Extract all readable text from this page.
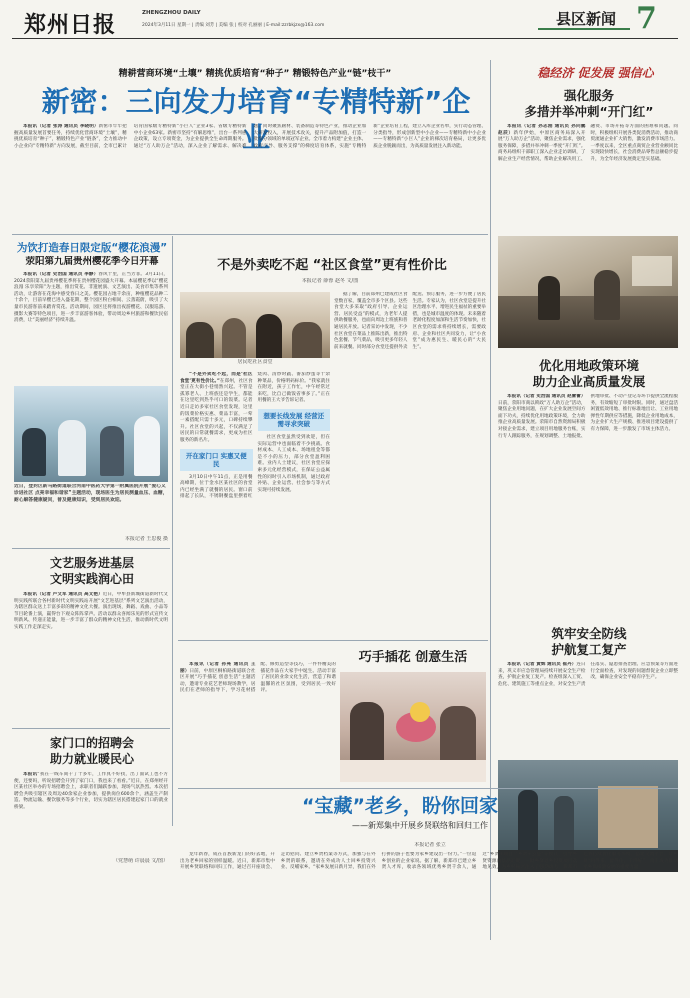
郑州日报	ZHENGZHOU DAILY
2024年3月11日 星期一 | 责编 刘芳 | 美编 张 | 校对 孔丽丽 | E-mail:zzrbkjzx@163.com	县区新闻 7
精耕营商环境“土壤” 精挑优质培育“种子” 精锻特色产业“链”枝干”	稳经济 促发展 强信心
新密：三向发力培育“专精特新”企业

本报讯（记者 张涛 通讯员 李晓明）新密市牢牢把握高质量发展首要任务，持续优化营商环境“土壤”，精挑优质培育“种子”，精锻特色产业“链条”，全力推动中小企业向“专精特新”方向发展，截至目前，全市已累计培育国家级专精特新“小巨人”企业3家、省级专精特新中小企业63家。新密市坚持“有解思维”，出台一系列惠企政策，设立专项资金，为企业提供全生命周期服务。通过“万人助万企”活动，深入企业了解需求、解决难题。同时聚焦耐材、装备制造等特色产业，推动企业加大研发投入，开展技术攻关，提升产品附加值，打造一批细分领域的单项冠军企业。全市着力构建“企业主体、政府引导、服务支撑”的梯度培育体系，实施“专精特新”企业培育工程，建立入库企业名单，实行动态管理、分类指导，形成创新型中小企业——专精特新中小企业——专精特新“小巨人”企业的梯次培育格局，让更多优质企业脱颖而出，为高质量发展注入新动能。

强化服务
多措并举冲刺“开门红”

本报讯（记者 孙志刚 通讯员 孙向鹏 赵辰）新年伊始，中原区商务局深入开展“万人助万企”活动，聚焦企业需求，强化服务保障，多措并举冲刺一季度“开门红”。商务局组织干部职工深入企业走访调研，了解企业生产经营情况，帮助企业解决用工、融资、市场开拓等方面的困难和问题。同时，积极组织开展各类促消费活动，推动商贸流通企业扩大销售，激发消费市场活力。一季度以来，全区重点商贸企业营业额同比实现较快增长，社会消费品零售总额稳步提升，为全年经济发展奠定坚实基础。

优化用地政策环境
助力企业高质量发展

本报讯（记者 史治国 通讯员 赵蕾蕾）日前，荥阳市商以锁政“万人助万企”活动，聚焦企业用地问题，在扩大企业发展空间方面下功夫，持续优化用地政策环境，全力助推企业高质量发展。荥阳市自然资源局积极对接企业需求，建立项目用地服务台账，实行专人跟踪服务，在规划调整、土地报批、供地审批、不动产登记等环节提供全流程服务，有效缩短了审批时限。同时，通过盘活闲置低效用地、推行标准地出让、工业用地弹性年期供应等措施，降低企业用地成本，为企业扩大生产规模、推进项目建设提供了有力保障，进一步激发了市场主体活力。

筑牢安全防线
护航复工复产

本报讯（记者 黄辉 通讯员 崔丹）连日来，巩义市应急管理局持续开展安全生产检查，护航企业复工复产。检查组深入工贸、危化、建筑施工等重点企业，对安全生产责任落实、隐患排查治理、应急预案等方面进行全面检查，对发现的问题督促企业立即整改，确保企业安全平稳有序生产。

为饮打造春日限定版“樱花浪漫”
荥阳第九届贵州樱花季今日开幕

本报讯（记者 史治国 通讯员 李静）春风十里，正当芳菲。3月11日，2024荥阳第九届贵州樱花季将在贵州樱花园盛大开幕。本届樱花季以“樱花浪漫 乐享荥阳”为主题，推出赏花、非遗展演、文艺演出、美食市集等系列活动，让游客在花海中感受春日之美。樱花园占地千余亩，种植樱花品种二十余个，目前早樱已进入盛花期，整个园区粉白相间、云蒸霞蔚，吸引了大量市民游客前来踏青赏花。活动期间，园区还将推出夜游樱花、汉服巡游、摄影大赛等特色项目，进一步丰富游客体验，带动周边乡村旅游和餐饮民宿消费，让“美丽经济”持续升温。

近日，登封区新马路街道联合河南中医药大学第一附属医院开展“爱心义诊进社区 点亮幸福和谐家”主题活动，现场医生为居民测量血压、血糖，耐心解答健康疑问，普及健康知识，受到居民欢迎。
本报记者 王思俊 摄
文艺服务进基层
文明实践润心田

本报讯（记者 卢文军 通讯员 高文艳）近日，中牟县新城街道新时代文明实践所联合各村新时代文明实践站开展“文艺进基层”系列文艺演出活动，为辖区群众送上丰富多彩的精神文化大餐。演出现场，舞蹈、戏曲、小品等节目轮番上演，赢得台下观众阵阵掌声。活动以群众喜闻乐见的形式宣传文明新风、传递正能量，进一步丰富了群众的精神文化生活，推动新时代文明实践工作走深走实。

家门口的招聘会
助力就业暖民心

本报讯“我在一线车间干了十多年，工作真不好找，出了面试工也不方便，还要吗，听说招聘会开到了家门口，我也来了看看。”近日，在郑州经开区某社区举办的专场招聘会上，求职者们踊跃参加，现场气氛热烈。本次招聘会共吸引辖区及周边40余家企业参加，提供岗位600余个，涵盖生产制造、物流运输、餐饮服务等多个行业，切实为辖区居民搭建起家门口的就业桥梁。

（党慧萌 许晨晨 文/图）
不是外卖吃不起 “社区食堂”更有性价比
本报记者 薛蓉 赵冬 文/图
居民吃社区食堂

据了解，目前郑州已建成社区食堂数百家，覆盖全市多个区县。这些食堂大多采取“政府引导、企业运营、居民受益”的模式，为老年人提供助餐服务，也面向周边上班族和普通居民开放。记者采访中发现，不少社区食堂在菜品上推陈出新，推出特色套餐、节气菜品，吸引更多年轻人前来就餐。同时部分食堂还提供外卖配送、预订服务，进一步方便了居民生活。专家认为，社区食堂是提升社区治理水平、增进民生福祉的重要举措，也是城市温度的体现。未来随着老龄化程度加深和生活节奏加快，社区食堂的需求将持续增长，需要政府、企业和社区共同发力，让“小食堂”成为惠民生、暖民心的“大民生”。

“不是外卖吃不起，而是‘社区食堂’更有性价比。”在郑州，社区食堂正在大街小巷悄然兴起。不管是孤寡老人、上班族还是学生，都能在这里吃到热乎可口的饭菜。记者近日走访多家社区食堂发现，这里的饭菜价格实惠、菜品丰富，一荤一素搭配只需十多元，口碑持续攀升。社区食堂的兴起，不仅满足了居民的日常就餐需求，更成为社区服务的新名片。

开在家门口 实惠又便民

3月10日中午11点，正是用餐高峰期，位于金水区某社区的食堂内已经坐满了就餐的居民。窗口前排起了长队，不锈钢餐盘里摆着红烧肉、清炒时蔬、番茄炒蛋等十余种菜品，价格明码标价。“我家就住在附近，孩子工作忙，中午经常过来吃，比自己做饭省事多了。”正在用餐的王大爷告诉记者。

想要长线发展 经营还需寻求突破

社区食堂虽然受到欢迎，但在实际运营中也面临着不少挑战。食材成本、人工成本、场地租金等都是不小的压力，部分食堂盈利困难。业内人士建议，社区食堂应探索多元化经营模式，在保证公益属性的同时引入市场机制，通过政府补贴、企业运营、社会参与等方式实现可持续发展。

巧手插花 创意生活

本报讯（记者 孙亮 通讯员 王丽）日前，中原区桐柏路街道联合社区开展“巧手插花 创意生活”主题活动，邀请专业花艺老师现场教学，居民们在老师的指导下，学习花材搭配、修剪造型等技巧，一件件精美的插花作品在大家手中诞生。活动丰富了居民的业余文化生活，营造了和谐温馨的社区氛围，受到居民一致好评。

“宝藏”老乡，盼你回家
——新郑集中开展乡贤联络和回归工作
本报记者 张立

龙年新春，成在首族新龙门的好去地，开出为老乡回家的别样温暖。近日，新郑市集中开展乡贤联络和回归工作，通过召开座谈会、走访慰问、建立乡贤档案等方式，加强与在外乡贤的联系，邀请在外成功人士回乡投资兴业、反哺家乡。“家乡发展日新月异，我们在外打拼的游子也要为家乡建设出一份力。”一位返乡创业的企业家说。据了解，新郑市已建立乡贤人才库，收录各领域优秀乡贤千余人，通过“乡贤+项目”“乡贤+公益”等模式，引导乡贤资源向基层汇聚，一批乡贤返乡投资项目落地见效，为乡村振兴注入了强劲动力。新郑市还将持续优化服务环境，搭建交流平台，让乡贤“回得来、留得住、干得好”，真正成为推动家乡高质量发展的重要力量。
